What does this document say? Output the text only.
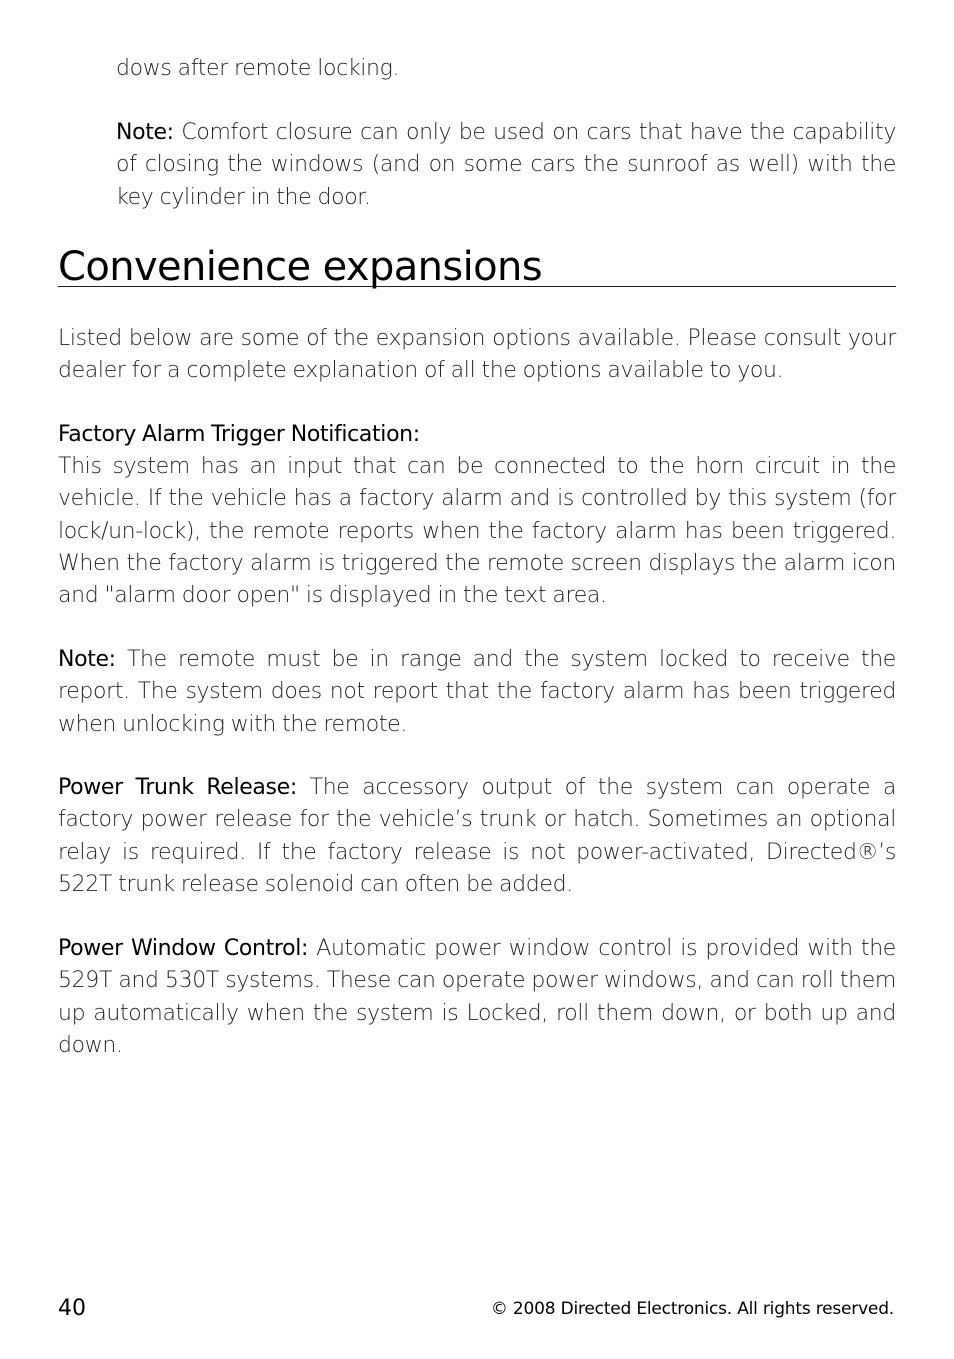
dows after remote locking.

Note: Comfort closure can only be used on cars that have the capability of closing the windows (and on some cars the sunroof as well) with the key cylinder in the door.

Convenience expansions

Listed below are some of the expansion options available. Please consult your dealer for a complete explanation of all the options available to you.

Factory Alarm Trigger Notification:

This system has an input that can be connected to the horn circuit in the vehicle. If the vehicle has a factory alarm and is controlled by this system (for lock/un-lock), the remote reports when the factory alarm has been triggered. When the factory alarm is triggered the remote screen displays the alarm icon and "alarm door open" is displayed in the text area.

Note: The remote must be in range and the system locked to receive the report. The system does not report that the factory alarm has been triggered when unlocking with the remote.

Power Trunk Release: The accessory output of the system can operate a factory power release for the vehicle’s trunk or hatch. Sometimes an optional relay is required. If the factory release is not power-activated, Directed®’s 522T trunk release solenoid can often be added.

Power Window Control: Automatic power window control is provided with the 529T and 530T systems. These can operate power windows, and can roll them up automatically when the system is Locked, roll them down, or both up and down.

40	© 2008 Directed Electronics. All rights reserved.
